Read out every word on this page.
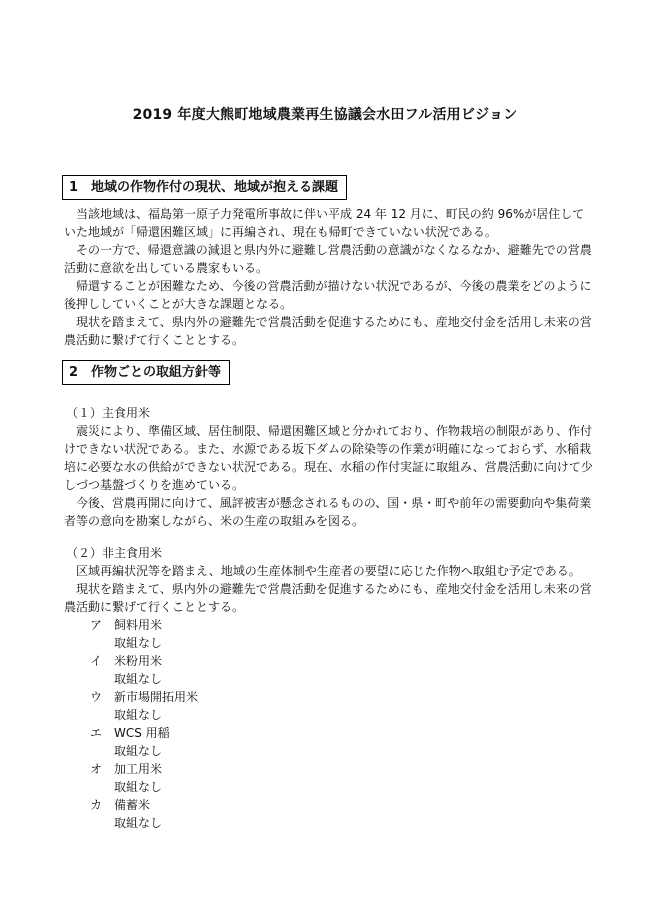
2019 年度大熊町地域農業再生協議会水田フル活用ビジョン
1　地域の作物作付の現状、地域が抱える課題

当該地域は、福島第一原子力発電所事故に伴い平成 24 年 12 月に、町民の約 96%が居住していた地域が「帰還困難区域」に再編され、現在も帰町できていない状況である。

その一方で、帰還意識の減退と県内外に避難し営農活動の意識がなくなるなか、避難先での営農活動に意欲を出している農家もいる。

帰還することが困難なため、今後の営農活動が描けない状況であるが、今後の農業をどのように後押ししていくことが大きな課題となる。

現状を踏まえて、県内外の避難先で営農活動を促進するためにも、産地交付金を活用し未来の営農活動に繋げて行くこととする。

2　作物ごとの取組方針等
（１）主食用米

震災により、準備区域、居住制限、帰還困難区域と分かれており、作物栽培の制限があり、作付けできない状況である。また、水源である坂下ダムの除染等の作業が明確になっておらず、水稲栽培に必要な水の供給ができない状況である。現在、水稲の作付実証に取組み、営農活動に向けて少しづつ基盤づくりを進めている。

今後、営農再開に向けて、風評被害が懸念されるものの、国・県・町や前年の需要動向や集荷業者等の意向を勘案しながら、米の生産の取組みを図る。

（２）非主食用米

区域再編状況等を踏まえ、地域の生産体制や生産者の要望に応じた作物へ取組む予定である。

現状を踏まえて、県内外の避難先で営農活動を促進するためにも、産地交付金を活用し未来の営農活動に繋げて行くこととする。

ア 飼料用米
取組なし
イ 米粉用米
取組なし
ウ 新市場開拓用米
取組なし
エ WCS 用稲
取組なし
オ 加工用米
取組なし
カ 備蓄米
取組なし
